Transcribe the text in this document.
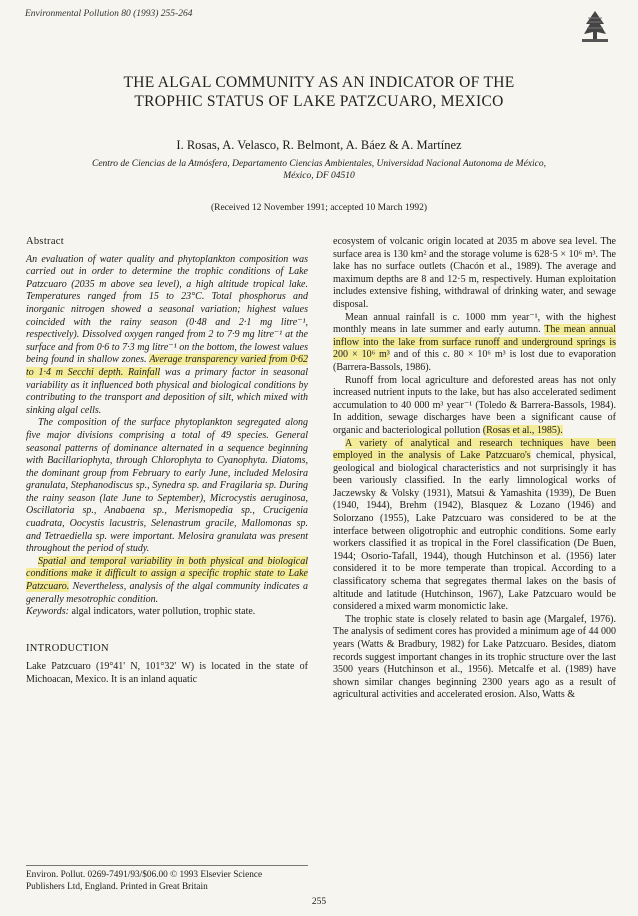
Environmental Pollution 80 (1993) 255-264
THE ALGAL COMMUNITY AS AN INDICATOR OF THE
TROPHIC STATUS OF LAKE PATZCUARO, MEXICO
I. Rosas, A. Velasco, R. Belmont, A. Báez & A. Martínez
Centro de Ciencias de la Atmósfera, Departamento Ciencias Ambientales, Universidad Nacional Autonoma de México,
México, DF 04510
(Received 12 November 1991; accepted 10 March 1992)
Abstract

An evaluation of water quality and phytoplankton composition was carried out in order to determine the trophic conditions of Lake Patzcuaro (2035 m above sea level), a high altitude tropical lake. Temperatures ranged from 15 to 23°C. Total phosphorus and inorganic nitrogen showed a seasonal variation; highest values coincided with the rainy season (0·48 and 2·1 mg litre⁻¹, respectively). Dissolved oxygen ranged from 2 to 7·9 mg litre⁻¹ at the surface and from 0·6 to 7·3 mg litre⁻¹ on the bottom, the lowest values being found in shallow zones. Average transparency varied from 0·62 to 1·4 m Secchi depth. Rainfall was a primary factor in seasonal variability as it influenced both physical and biological conditions by contributing to the transport and deposition of silt, which mixed with sinking algal cells.

The composition of the surface phytoplankton segregated along five major divisions comprising a total of 49 species. General seasonal patterns of dominance alternated in a sequence beginning with Bacillariophyta, through Chlorophyta to Cyanophyta. Diatoms, the dominant group from February to early June, included Melosira granulata, Stephanodiscus sp., Synedra sp. and Fragilaria sp. During the rainy season (late June to September), Microcystis aeruginosa, Oscillatoria sp., Anabaena sp., Merismopedia sp., Crucigenia cuadrata, Oocystis lacustris, Selenastrum gracile, Mallomonas sp. and Tetraediella sp. were important. Melosira granulata was present throughout the period of study.

Spatial and temporal variability in both physical and biological conditions make it difficult to assign a specific trophic state to Lake Patzcuaro. Nevertheless, analysis of the algal community indicates a generally mesotrophic condition.

Keywords: algal indicators, water pollution, trophic state.

INTRODUCTION

Lake Patzcuaro (19°41' N, 101°32' W) is located in the state of Michoacan, Mexico. It is an inland aquatic

ecosystem of volcanic origin located at 2035 m above sea level. The surface area is 130 km² and the storage volume is 628·5 × 10⁶ m³. The lake has no surface outlets (Chacón et al., 1989). The average and maximum depths are 8 and 12·5 m, respectively. Human exploitation includes extensive fishing, withdrawal of drinking water, and sewage disposal.

Mean annual rainfall is c. 1000 mm year⁻¹, with the highest monthly means in late summer and early autumn. The mean annual inflow into the lake from surface runoff and underground springs is 200 × 10⁶ m³ and of this c. 80 × 10⁶ m³ is lost due to evaporation (Barrera-Bassols, 1986).

Runoff from local agriculture and deforested areas has not only increased nutrient inputs to the lake, but has also accelerated sediment accumulation to 40 000 m³ year⁻¹ (Toledo & Barrera-Bassols, 1984). In addition, sewage discharges have been a significant cause of organic and bacteriological pollution (Rosas et al., 1985).

A variety of analytical and research techniques have been employed in the analysis of Lake Patzcuaro's chemical, physical, geological and biological characteristics and not surprisingly it has been variously classified. In the early limnological works of Jaczewsky & Volsky (1931), Matsui & Yamashita (1939), De Buen (1940, 1944), Brehm (1942), Blasquez & Lozano (1946) and Solorzano (1955), Lake Patzcuaro was considered to be at the interface between oligotrophic and eutrophic conditions. Some early workers classified it as tropical in the Forel classification (De Buen, 1944; Osorio-Tafall, 1944), though Hutchinson et al. (1956) later considered it to be more temperate than tropical. According to a classificatory schema that segregates thermal lakes on the basis of altitude and latitude (Hutchinson, 1967), Lake Patzcuaro would be considered a mixed warm monomictic lake.

The trophic state is closely related to basin age (Margalef, 1976). The analysis of sediment cores has provided a minimum age of 44 000 years (Watts & Bradbury, 1982) for Lake Patzcuaro. Besides, diatom records suggest important changes in its trophic structure over the last 3500 years (Hutchinson et al., 1956). Metcalfe et al. (1989) have shown similar changes beginning 2300 years ago as a result of agricultural activities and accelerated erosion. Also, Watts &

Environ. Pollut. 0269-7491/93/$06.00 © 1993 Elsevier Science
Publishers Ltd, England. Printed in Great Britain
255
